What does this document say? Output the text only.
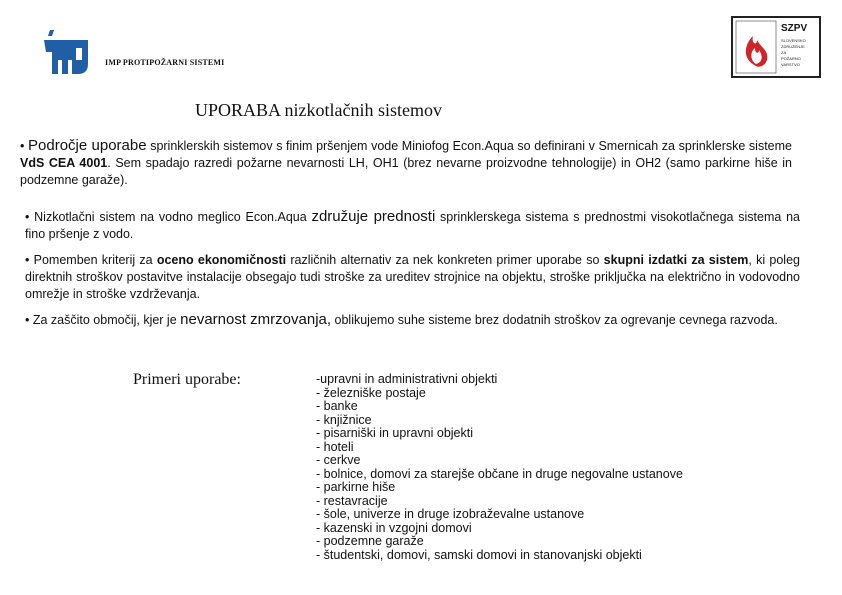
IMP PROTIPOŽARNI SISTEMI
SZPV
SLOVENSKO
ZDRUŽENJE
ZA
POŽARNO
VARSTVO
UPORABA nizkotlačnih sistemov
• Področje uporabe sprinklerskih sistemov s finim pršenjem vode Miniofog Econ.Aqua so definirani v Smernicah za sprinklerske sisteme VdS CEA 4001. Sem spadajo razredi požarne nevarnosti LH, OH1 (brez nevarne proizvodne tehnologije) in OH2 (samo parkirne hiše in podzemne garaže).
• Nizkotlačni sistem na vodno meglico Econ.Aqua združuje prednosti sprinklerskega sistema s prednostmi visokotlačnega sistema na fino pršenje z vodo.
• Pomemben kriterij za oceno ekonomičnosti različnih alternativ za nek konkreten primer uporabe so skupni izdatki za sistem, ki poleg direktnih stroškov postavitve instalacije obsegajo tudi stroške za ureditev strojnice na objektu, stroške priključka na električno in vodovodno omrežje in stroške vzdrževanja.
• Za zaščito območij, kjer je nevarnost zmrzovanja, oblikujemo suhe sisteme brez dodatnih stroškov za ogrevanje cevnega razvoda.
Primeri uporabe:	-upravni in administrativni objekti
- železniške postaje
- banke
- knjižnice
- pisarniški in upravni objekti
- hoteli
- cerkve
- bolnice, domovi za starejše občane in druge negovalne ustanove
- parkirne hiše
- restavracije
- šole, univerze in druge izobraževalne ustanove
- kazenski in vzgojni domovi
- podzemne garaže
- študentski, domovi, samski domovi in stanovanjski objekti
